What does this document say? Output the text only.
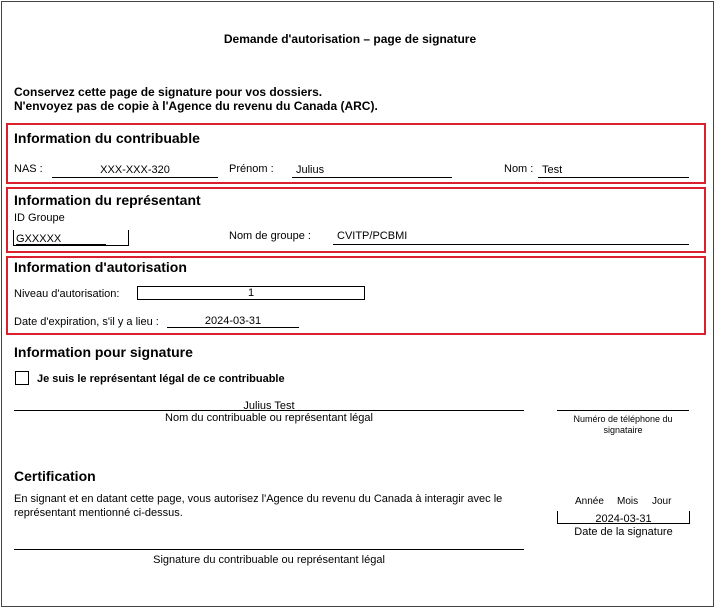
Demande d'autorisation – page de signature
Conservez cette page de signature pour vos dossiers.
N'envoyez pas de copie à l'Agence du revenu du Canada (ARC).
Information du contribuable
NAS :	XXX-XXX-320	Prénom : Julius	Nom : Test
Information du représentant
ID Groupe
GXXXXX	Nom de groupe : CVITP/PCBMI
Information d'autorisation
Niveau d'autorisation:	1
Date d'expiration, s'il y a lieu :	2024-03-31
Information pour signature
Je suis le représentant légal de ce contribuable
Julius Test
Nom du contribuable ou représentant légal	Numéro de téléphone du
signataire
Certification
En signant et en datant cette page, vous autorisez l'Agence du revenu du Canada à interagir avec le
représentant mentionné ci-dessus.
Année Mois Jour
2024-03-31
Date de la signature
Signature du contribuable ou représentant légal
